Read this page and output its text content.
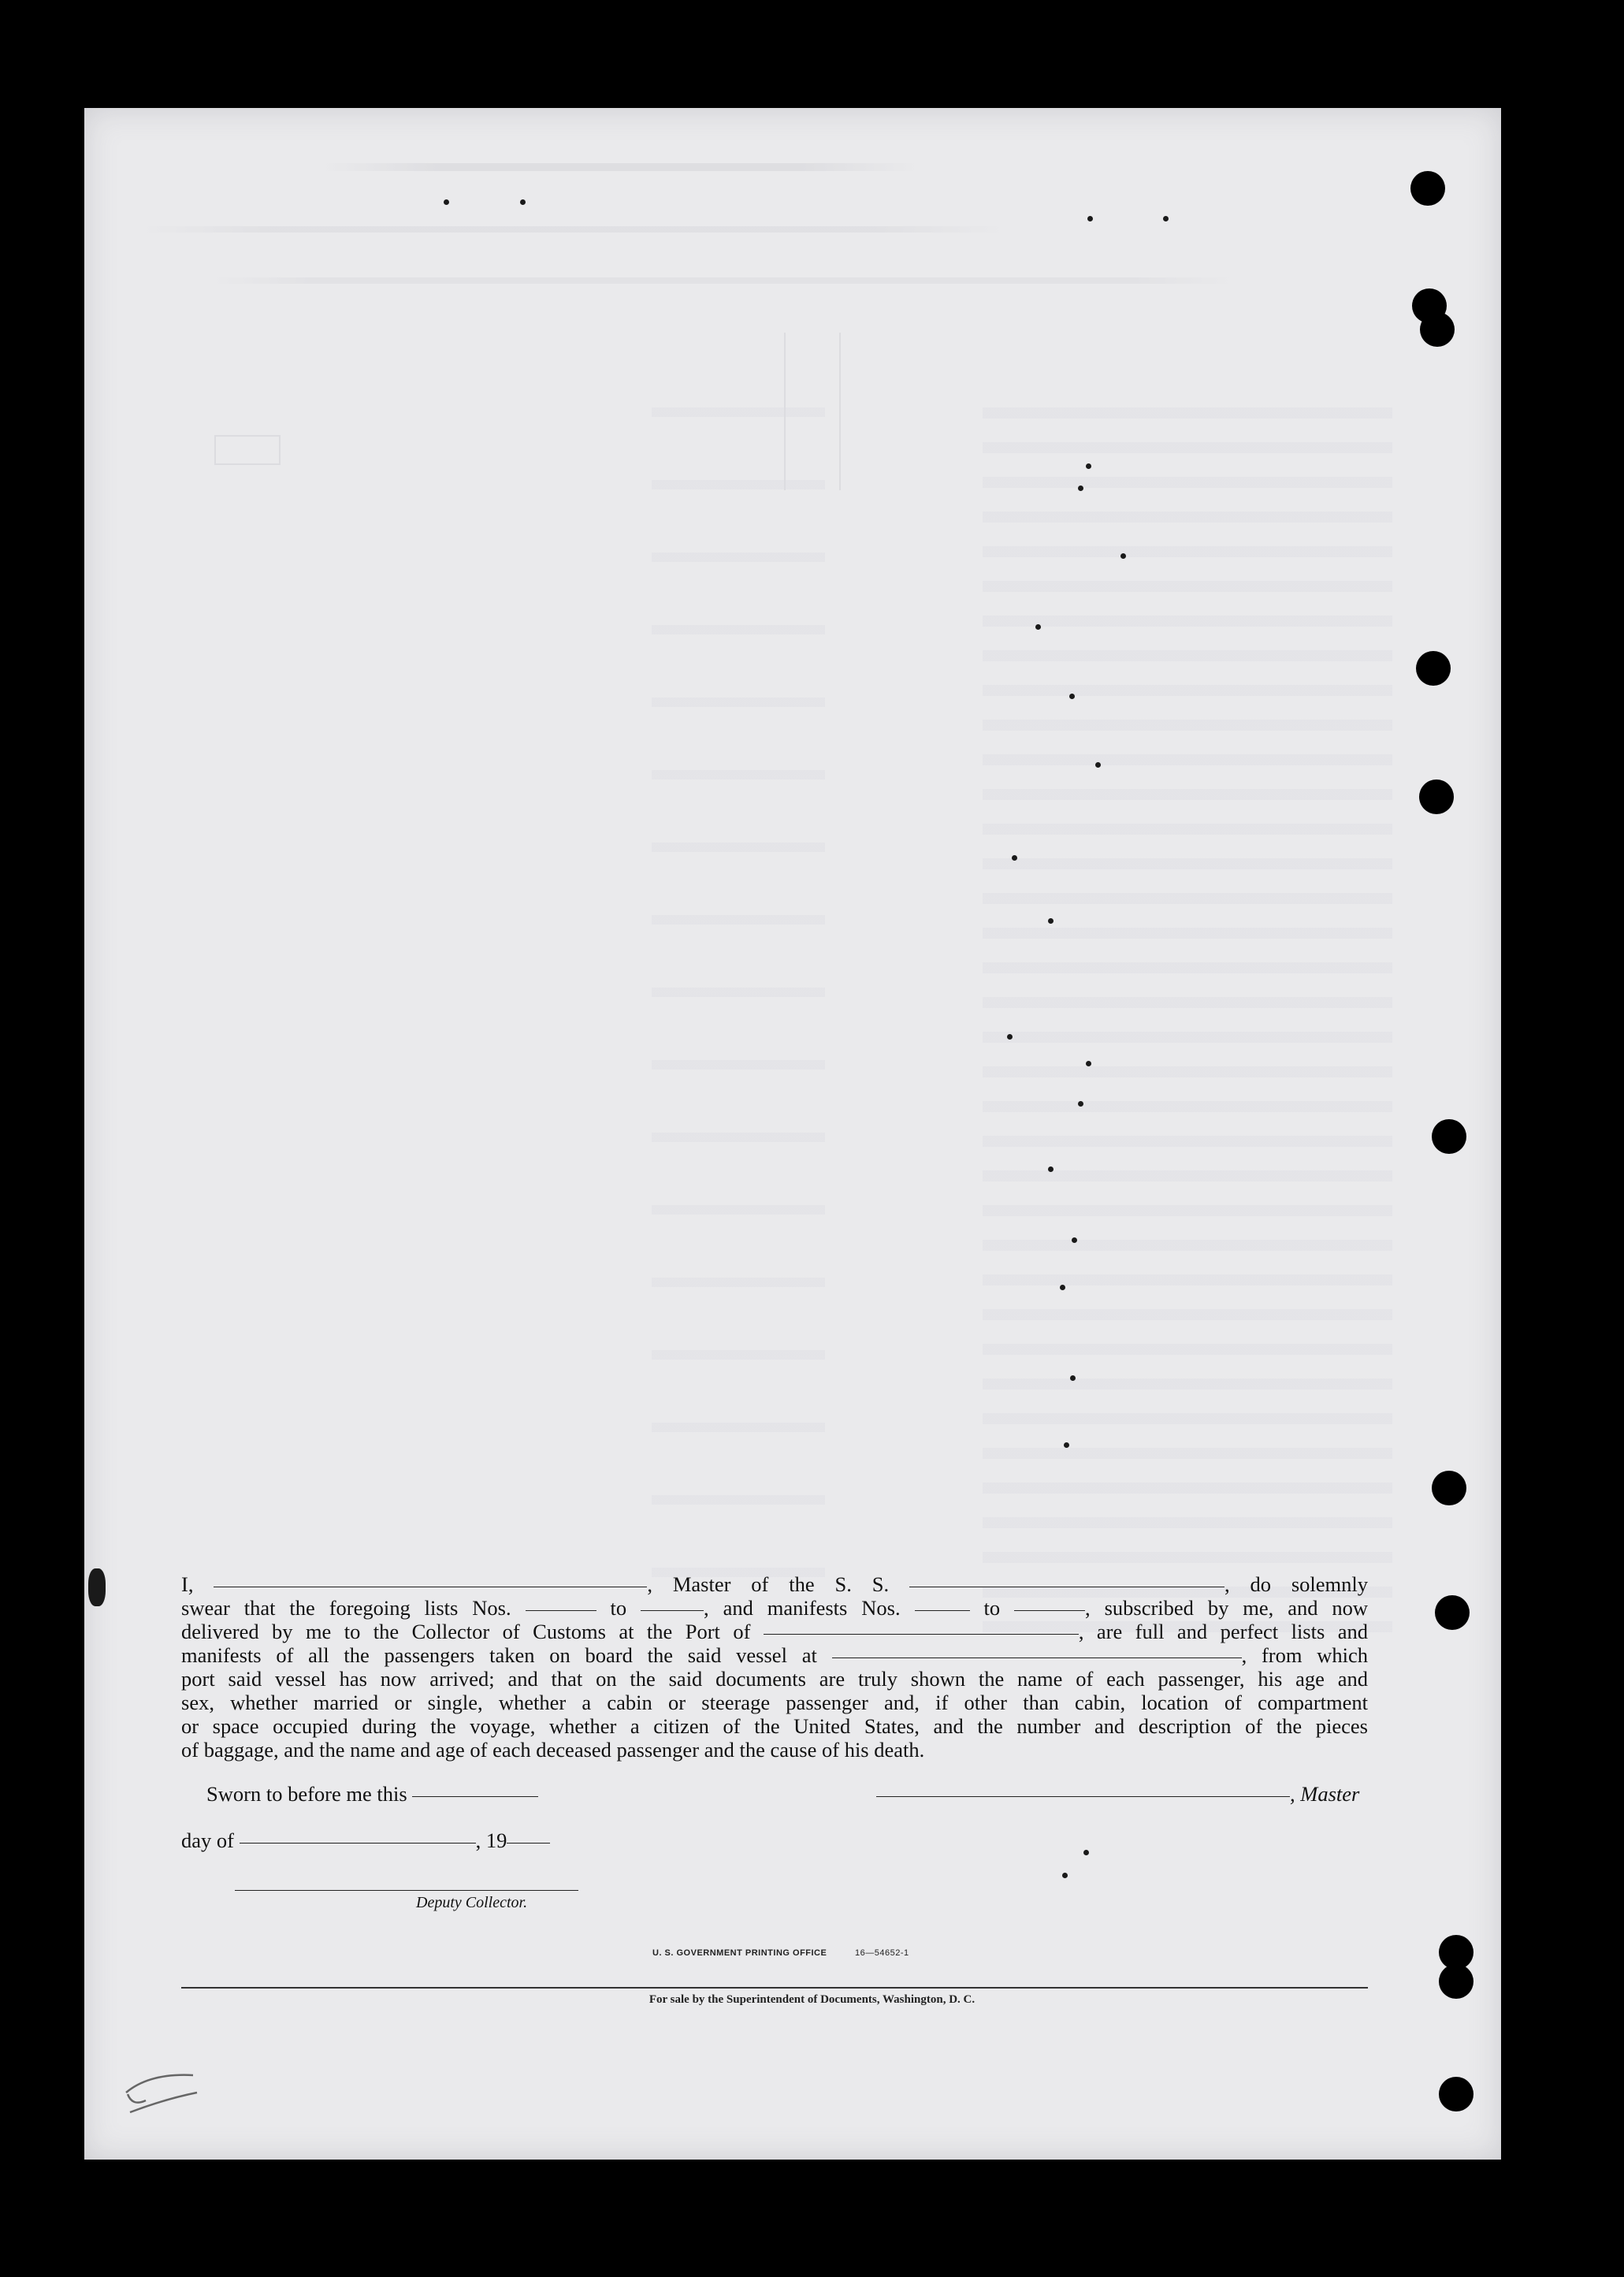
I,	, Master of the S. S.	, do solemnly
swear that the foregoing lists Nos.	to	, and manifests Nos.	to	, subscribed by me, and now
delivered by me to the Collector of Customs at the Port of	, are full and perfect lists and
manifests of all the passengers taken on board the said vessel at	, from which
port said vessel has now arrived; and that on the said documents are truly shown the name of each passenger, his age and
sex, whether married or single, whether a cabin or steerage passenger and, if other than cabin, location of compartment
or space occupied during the voyage, whether a citizen of the United States, and the number and description of the pieces
of baggage, and the name and age of each deceased passenger and the cause of his death.
Sworn to before me this	, Master
day of	, 19
Deputy Collector.
U. S. GOVERNMENT PRINTING OFFICE	16—54652-1
For sale by the Superintendent of Documents, Washington, D. C.
